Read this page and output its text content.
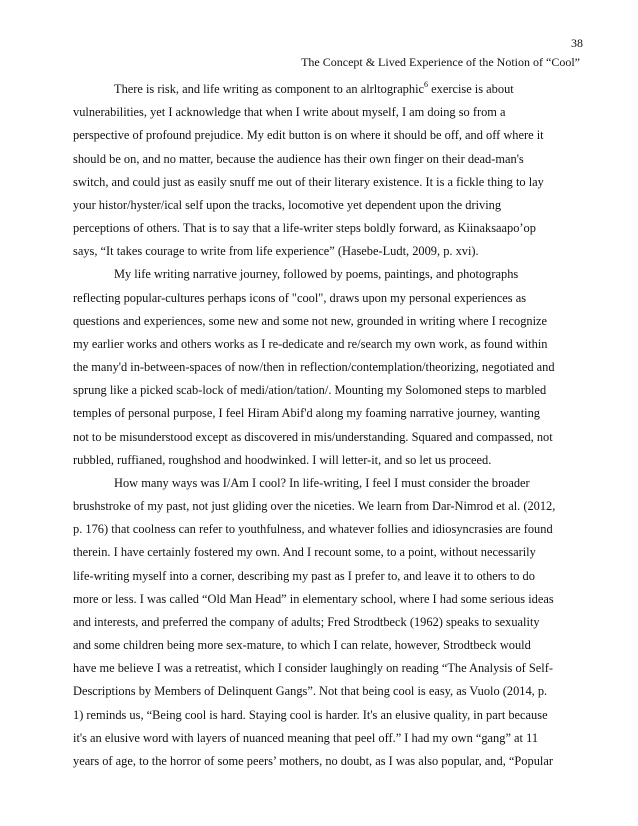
38
The Concept & Lived Experience of the Notion of “Cool”
There is risk, and life writing as component to an alrltographic$^6$ exercise is about
vulnerabilities, yet I acknowledge that when I write about myself, I am doing so from a
perspective of profound prejudice. My edit button is on where it should be off, and off where it
should be on, and no matter, because the audience has their own finger on their dead-man's
switch, and could just as easily snuff me out of their literary existence. It is a fickle thing to lay
your histor/hyster/ical self upon the tracks, locomotive yet dependent upon the driving
perceptions of others. That is to say that a life-writer steps boldly forward, as Kiinaksaapo’op
says, “It takes courage to write from life experience” (Hasebe-Ludt, 2009, p. xvi).
My life writing narrative journey, followed by poems, paintings, and photographs
reflecting popular-cultures perhaps icons of "cool", draws upon my personal experiences as
questions and experiences, some new and some not new, grounded in writing where I recognize
my earlier works and others works as I re-dedicate and re/search my own work, as found within
the many'd in-between-spaces of now/then in reflection/contemplation/theorizing, negotiated and
sprung like a picked scab-lock of medi/ation/tation/. Mounting my Solomoned steps to marbled
temples of personal purpose, I feel Hiram Abif'd along my foaming narrative journey, wanting
not to be misunderstood except as discovered in mis/understanding. Squared and compassed, not
rubbled, ruffianed, roughshod and hoodwinked. I will letter-it, and so let us proceed.
How many ways was I/Am I cool? In life-writing, I feel I must consider the broader
brushstroke of my past, not just gliding over the niceties. We learn from Dar-Nimrod et al. (2012,
p. 176) that coolness can refer to youthfulness, and whatever follies and idiosyncrasies are found
therein. I have certainly fostered my own. And I recount some, to a point, without necessarily
life-writing myself into a corner, describing my past as I prefer to, and leave it to others to do
more or less. I was called “Old Man Head” in elementary school, where I had some serious ideas
and interests, and preferred the company of adults; Fred Strodtbeck (1962) speaks to sexuality
and some children being more sex-mature, to which I can relate, however, Strodtbeck would
have me believe I was a retreatist, which I consider laughingly on reading “The Analysis of Self-
Descriptions by Members of Delinquent Gangs”. Not that being cool is easy, as Vuolo (2014, p.
1) reminds us, “Being cool is hard. Staying cool is harder. It's an elusive quality, in part because
it's an elusive word with layers of nuanced meaning that peel off.” I had my own “gang” at 11
years of age, to the horror of some peers’ mothers, no doubt, as I was also popular, and, “Popular
